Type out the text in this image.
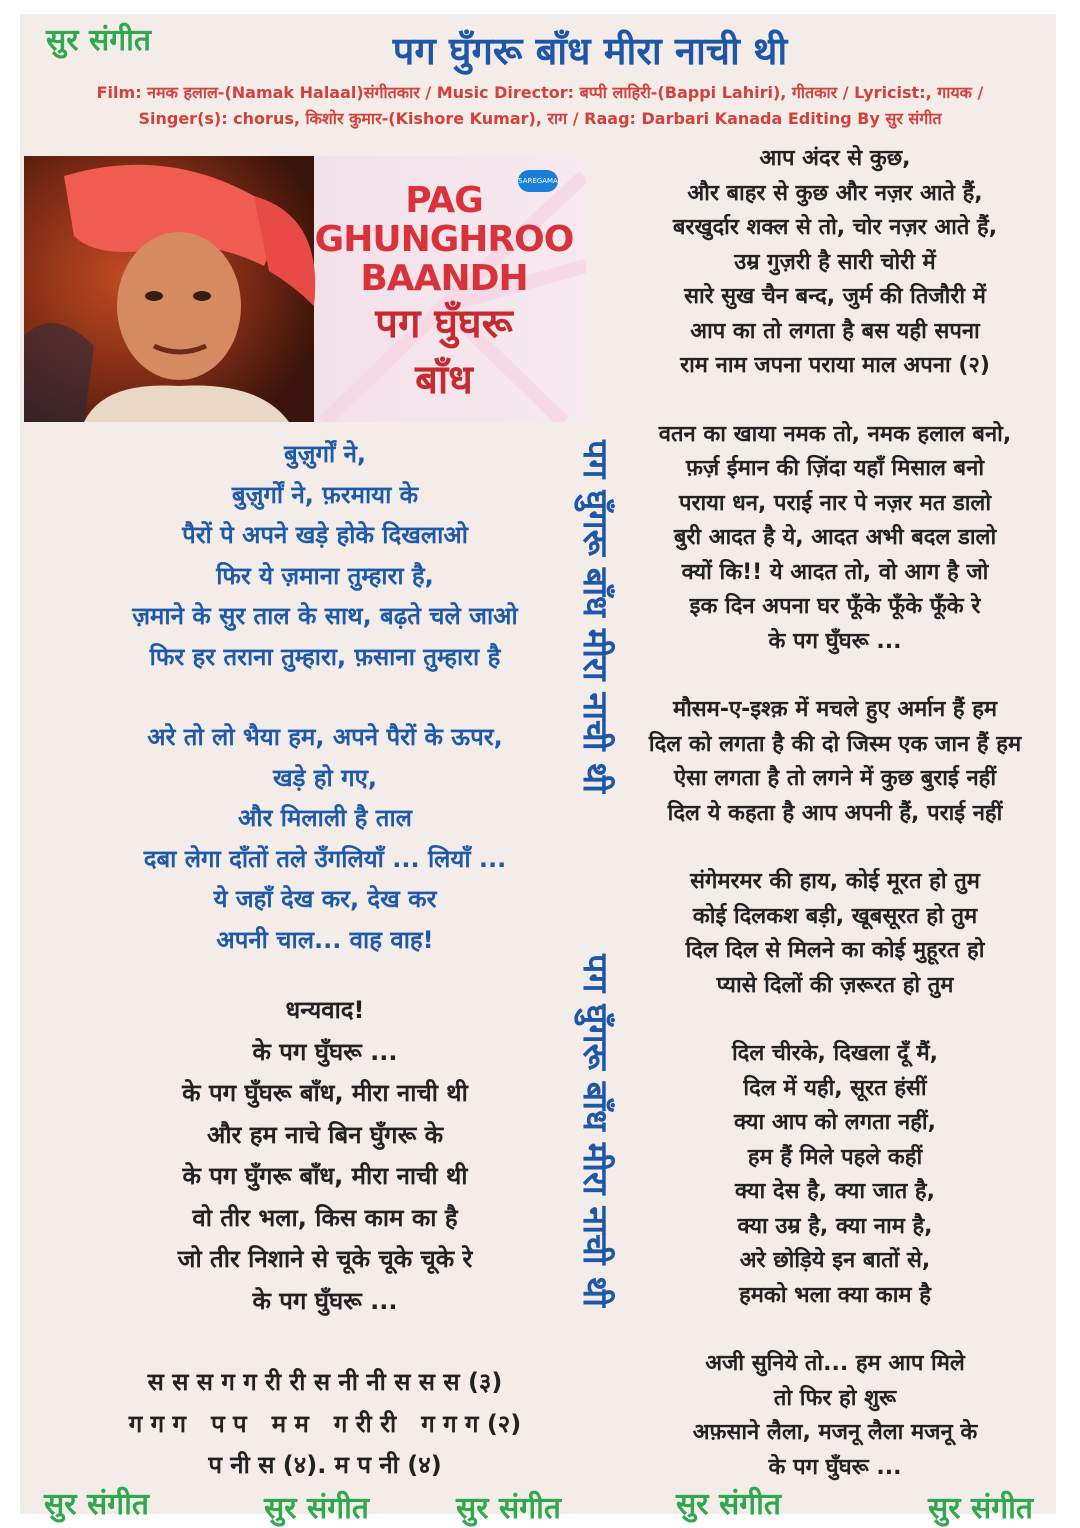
सुर संगीत
सुर संगीत	सुर संगीत	सुर संगीत	सुर संगीत	सुर संगीत
पग घुँगरू बाँध मीरा नाची थी
Film: नमक हलाल-(Namak Halaal)संगीतकार / Music Director: बप्पी लाहिरी-(Bappi Lahiri), गीतकार / Lyricist:, गायक /
Singer(s): chorus, किशोर कुमार-(Kishore Kumar), राग / Raag: Darbari Kanada Editing By सुर संगीत
PAG
GHUNGHROO
BAANDH
पग घुँघरू
बाँध
SAREGAMA
पग घुँगरू बाँध मीरा नाची थी
पग घुँगरू बाँध मीरा नाची थी

बुज़ुर्गों ने,

बुज़ुर्गों ने, फ़रमाया के

पैरों पे अपने खड़े होके दिखलाओ

फिर ये ज़माना तुम्हारा है,

ज़माने के सुर ताल के साथ, बढ़ते चले जाओ

फिर हर तराना तुम्हारा, फ़साना तुम्हारा है

अरे तो लो भैया हम, अपने पैरों के ऊपर,

खड़े हो गए,

और मिलाली है ताल

दबा लेगा दाँतों तले उँगलियाँ ... लियाँ ...

ये जहाँ देख कर, देख कर

अपनी चाल... वाह वाह!

धन्यवाद!

के पग घुँघरू ...

के पग घुँघरू बाँध, मीरा नाची थी

और हम नाचे बिन घुँगरू के

के पग घुँगरू बाँध, मीरा नाची थी

वो तीर भला, किस काम का है

जो तीर निशाने से चूके चूके चूके रे

के पग घुँघरू ...

स स स ग ग री री स नी नी स स स (३)

ग ग ग   प प   म म   ग री री   ग ग ग (२)

प नी स (४). म प नी (४)

आप अंदर से कुछ,

और बाहर से कुछ और नज़र आते हैं,

बरखुर्दार शक्ल से तो, चोर नज़र आते हैं,

उम्र गुज़री है सारी चोरी में

सारे सुख चैन बन्द, जुर्म की तिजौरी में

आप का तो लगता है बस यही सपना

राम नाम जपना पराया माल अपना (२)

वतन का खाया नमक तो, नमक हलाल बनो,

फ़र्ज़ ईमान की ज़िंदा यहाँ मिसाल बनो

पराया धन, पराई नार पे नज़र मत डालो

बुरी आदत है ये, आदत अभी बदल डालो

क्यों कि!! ये आदत तो, वो आग है जो

इक दिन अपना घर फूँके फूँके फूँके रे

के पग घुँघरू ...

मौसम-ए-इश्क़ में मचले हुए अर्मान हैं हम

दिल को लगता है की दो जिस्म एक जान हैं हम

ऐसा लगता है तो लगने में कुछ बुराई नहीं

दिल ये कहता है आप अपनी हैं, पराई नहीं

संगेमरमर की हाय, कोई मूरत हो तुम

कोई दिलकश बड़ी, खूबसूरत हो तुम

दिल दिल से मिलने का कोई मुहूरत हो

प्यासे दिलों की ज़रूरत हो तुम

दिल चीरके, दिखला दूँ मैं,

दिल में यही, सूरत हंसीं

क्या आप को लगता नहीं,

हम हैं मिले पहले कहीं

क्या देस है, क्या जात है,

क्या उम्र है, क्या नाम है,

अरे छोड़िये इन बातों से,

हमको भला क्या काम है

अजी सुनिये तो... हम आप मिले

तो फिर हो शुरू

अफ़साने लैला, मजनू लैला मजनू के

के पग घुँघरू ...
